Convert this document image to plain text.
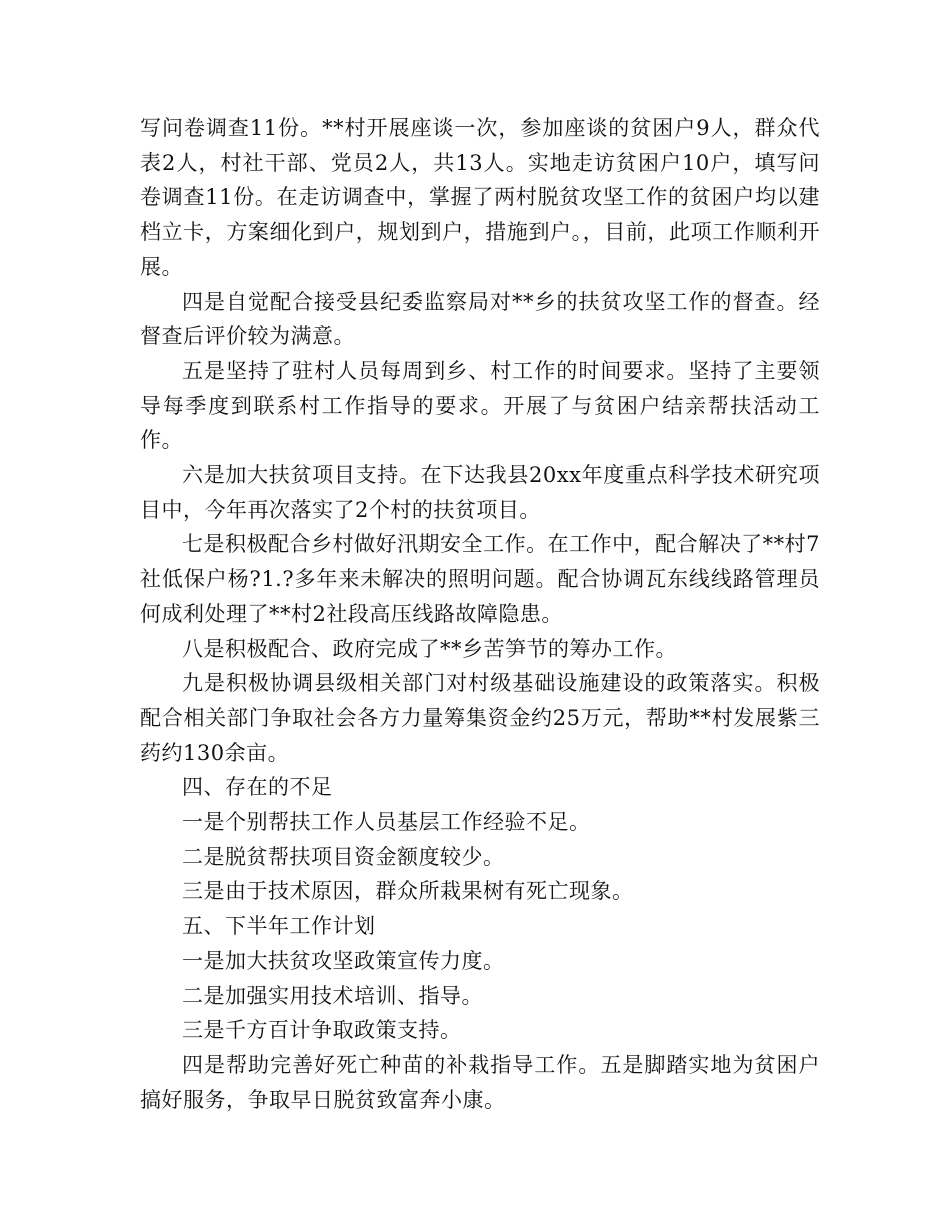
写问卷调查11份。**村开展座谈一次，参加座谈的贫困户9人，群众代表2人，村社干部、党员2人，共13人。实地走访贫困户10户，填写问卷调查11份。在走访调查中，掌握了两村脱贫攻坚工作的贫困户均以建档立卡，方案细化到户，规划到户，措施到户。，目前，此项工作顺利开展。

四是自觉配合接受县纪委监察局对**乡的扶贫攻坚工作的督查。经督查后评价较为满意。

五是坚持了驻村人员每周到乡、村工作的时间要求。坚持了主要领导每季度到联系村工作指导的要求。开展了与贫困户结亲帮扶活动工作。

六是加大扶贫项目支持。在下达我县20xx年度重点科学技术研究项目中，今年再次落实了2个村的扶贫项目。

七是积极配合乡村做好汛期安全工作。在工作中，配合解决了**村7社低保户杨?1.?多年来未解决的照明问题。配合协调瓦东线线路管理员何成利处理了**村2社段高压线路故障隐患。

八是积极配合、政府完成了**乡苦笋节的筹办工作。

九是积极协调县级相关部门对村级基础设施建设的政策落实。积极配合相关部门争取社会各方力量筹集资金约25万元，帮助**村发展紫三药约130余亩。

四、存在的不足

一是个别帮扶工作人员基层工作经验不足。

二是脱贫帮扶项目资金额度较少。

三是由于技术原因，群众所栽果树有死亡现象。

五、下半年工作计划

一是加大扶贫攻坚政策宣传力度。

二是加强实用技术培训、指导。

三是千方百计争取政策支持。

四是帮助完善好死亡种苗的补栽指导工作。五是脚踏实地为贫困户搞好服务，争取早日脱贫致富奔小康。
